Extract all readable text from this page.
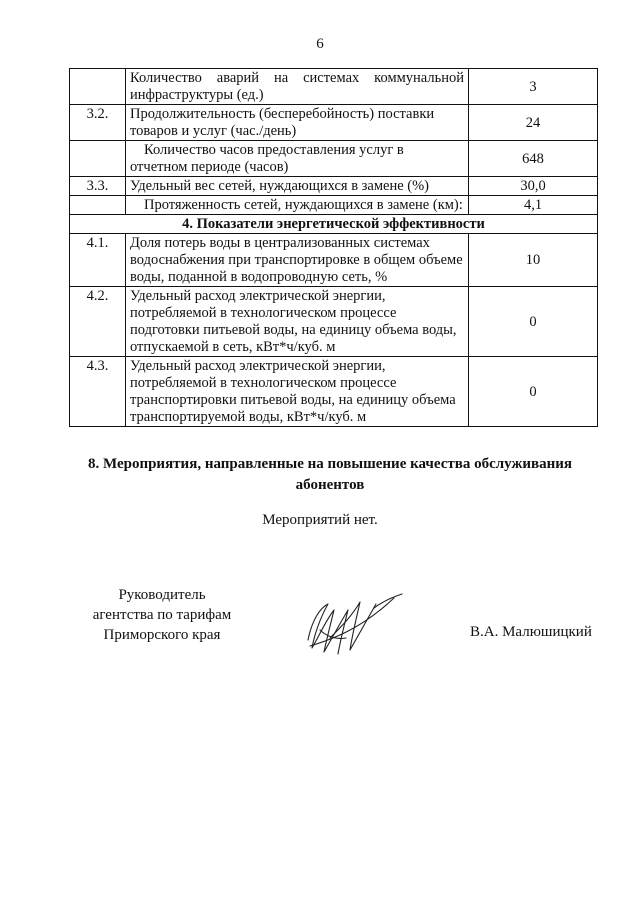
6
	Количество аварий на системах коммунальной инфраструктуры (ед.)	3
3.2.	Продолжительность (бесперебойность) поставки товаров и услуг (час./день)	24
	Количество часов предоставления услуг в отчетном периоде (часов)	648
3.3.	Удельный вес сетей, нуждающихся в замене (%)	30,0
	Протяженность сетей, нуждающихся в замене (км):	4,1
4. Показатели энергетической эффективности		
4.1.	Доля потерь воды в централизованных системах водоснабжения при транспортировке в общем объеме воды, поданной в водопроводную сеть, %	10
4.2.	Удельный расход электрической энергии, потребляемой в технологическом процессе подготовки питьевой воды, на единицу объема воды, отпускаемой в сеть, кВт*ч/куб. м	0
4.3.	Удельный расход электрической энергии, потребляемой в технологическом процессе транспортировки питьевой воды, на единицу объема транспортируемой воды, кВт*ч/куб. м	0
8. Мероприятия, направленные на повышение качества обслуживания абонентов
Мероприятий нет.
Руководитель
агентства по тарифам
Приморского края	В.А. Малюшицкий
